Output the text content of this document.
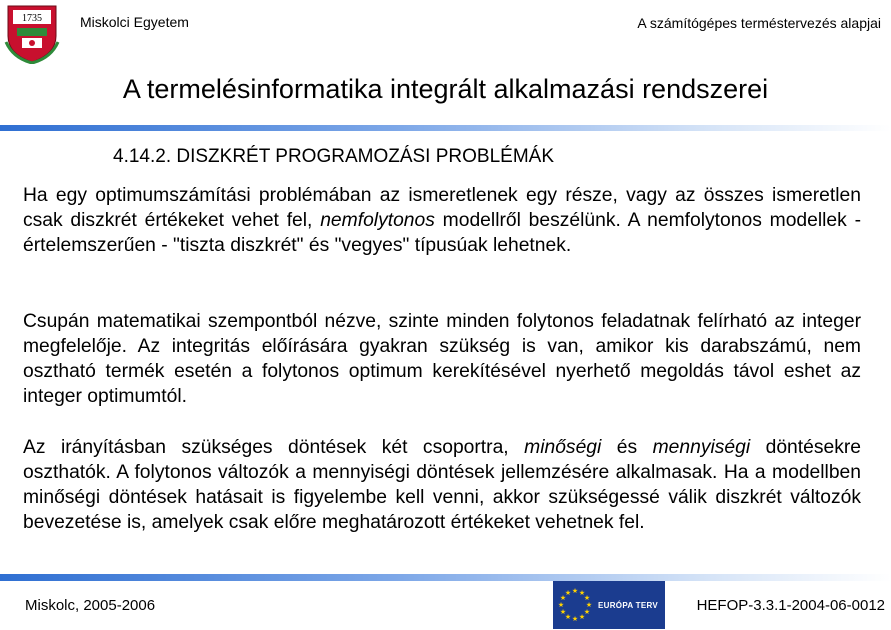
1735	Miskolci Egyetem	A számítógépes terméstervezés alapjai
A termelésinformatika integrált alkalmazási rendszerei
4.14.2. DISZKRÉT PROGRAMOZÁSI PROBLÉMÁK

Ha egy optimumszámítási problémában az ismeretlenek egy része, vagy az összes ismeretlen csak diszkrét értékeket vehet fel, nemfolytonos modellről beszélünk. A nemfolytonos modellek - értelemszerűen - "tiszta diszkrét" és "vegyes" típusúak lehetnek.

Csupán matematikai szempontból nézve, szinte minden folytonos feladatnak felírható az integer megfelelője. Az integritás előírására gyakran szükség is van, amikor kis darabszámú, nem osztható termék esetén a folytonos optimum kerekítésével nyerhető megoldás távol eshet az integer optimumtól.

Az irányításban szükséges döntések két csoportra, minőségi és mennyiségi döntésekre oszthatók. A folytonos változók a mennyiségi döntések jellemzésére alkalmasak. Ha a modellben minőségi döntések hatásait is figyelembe kell venni, akkor szükségessé válik diszkrét változók bevezetése is, amelyek csak előre meghatározott értékeket vehetnek fel.

Miskolc, 2005-2006
★ ★
★
★
★
★
★
★
★
★
★
★
EURÓPA TERV	HEFOP-3.3.1-2004-06-0012
